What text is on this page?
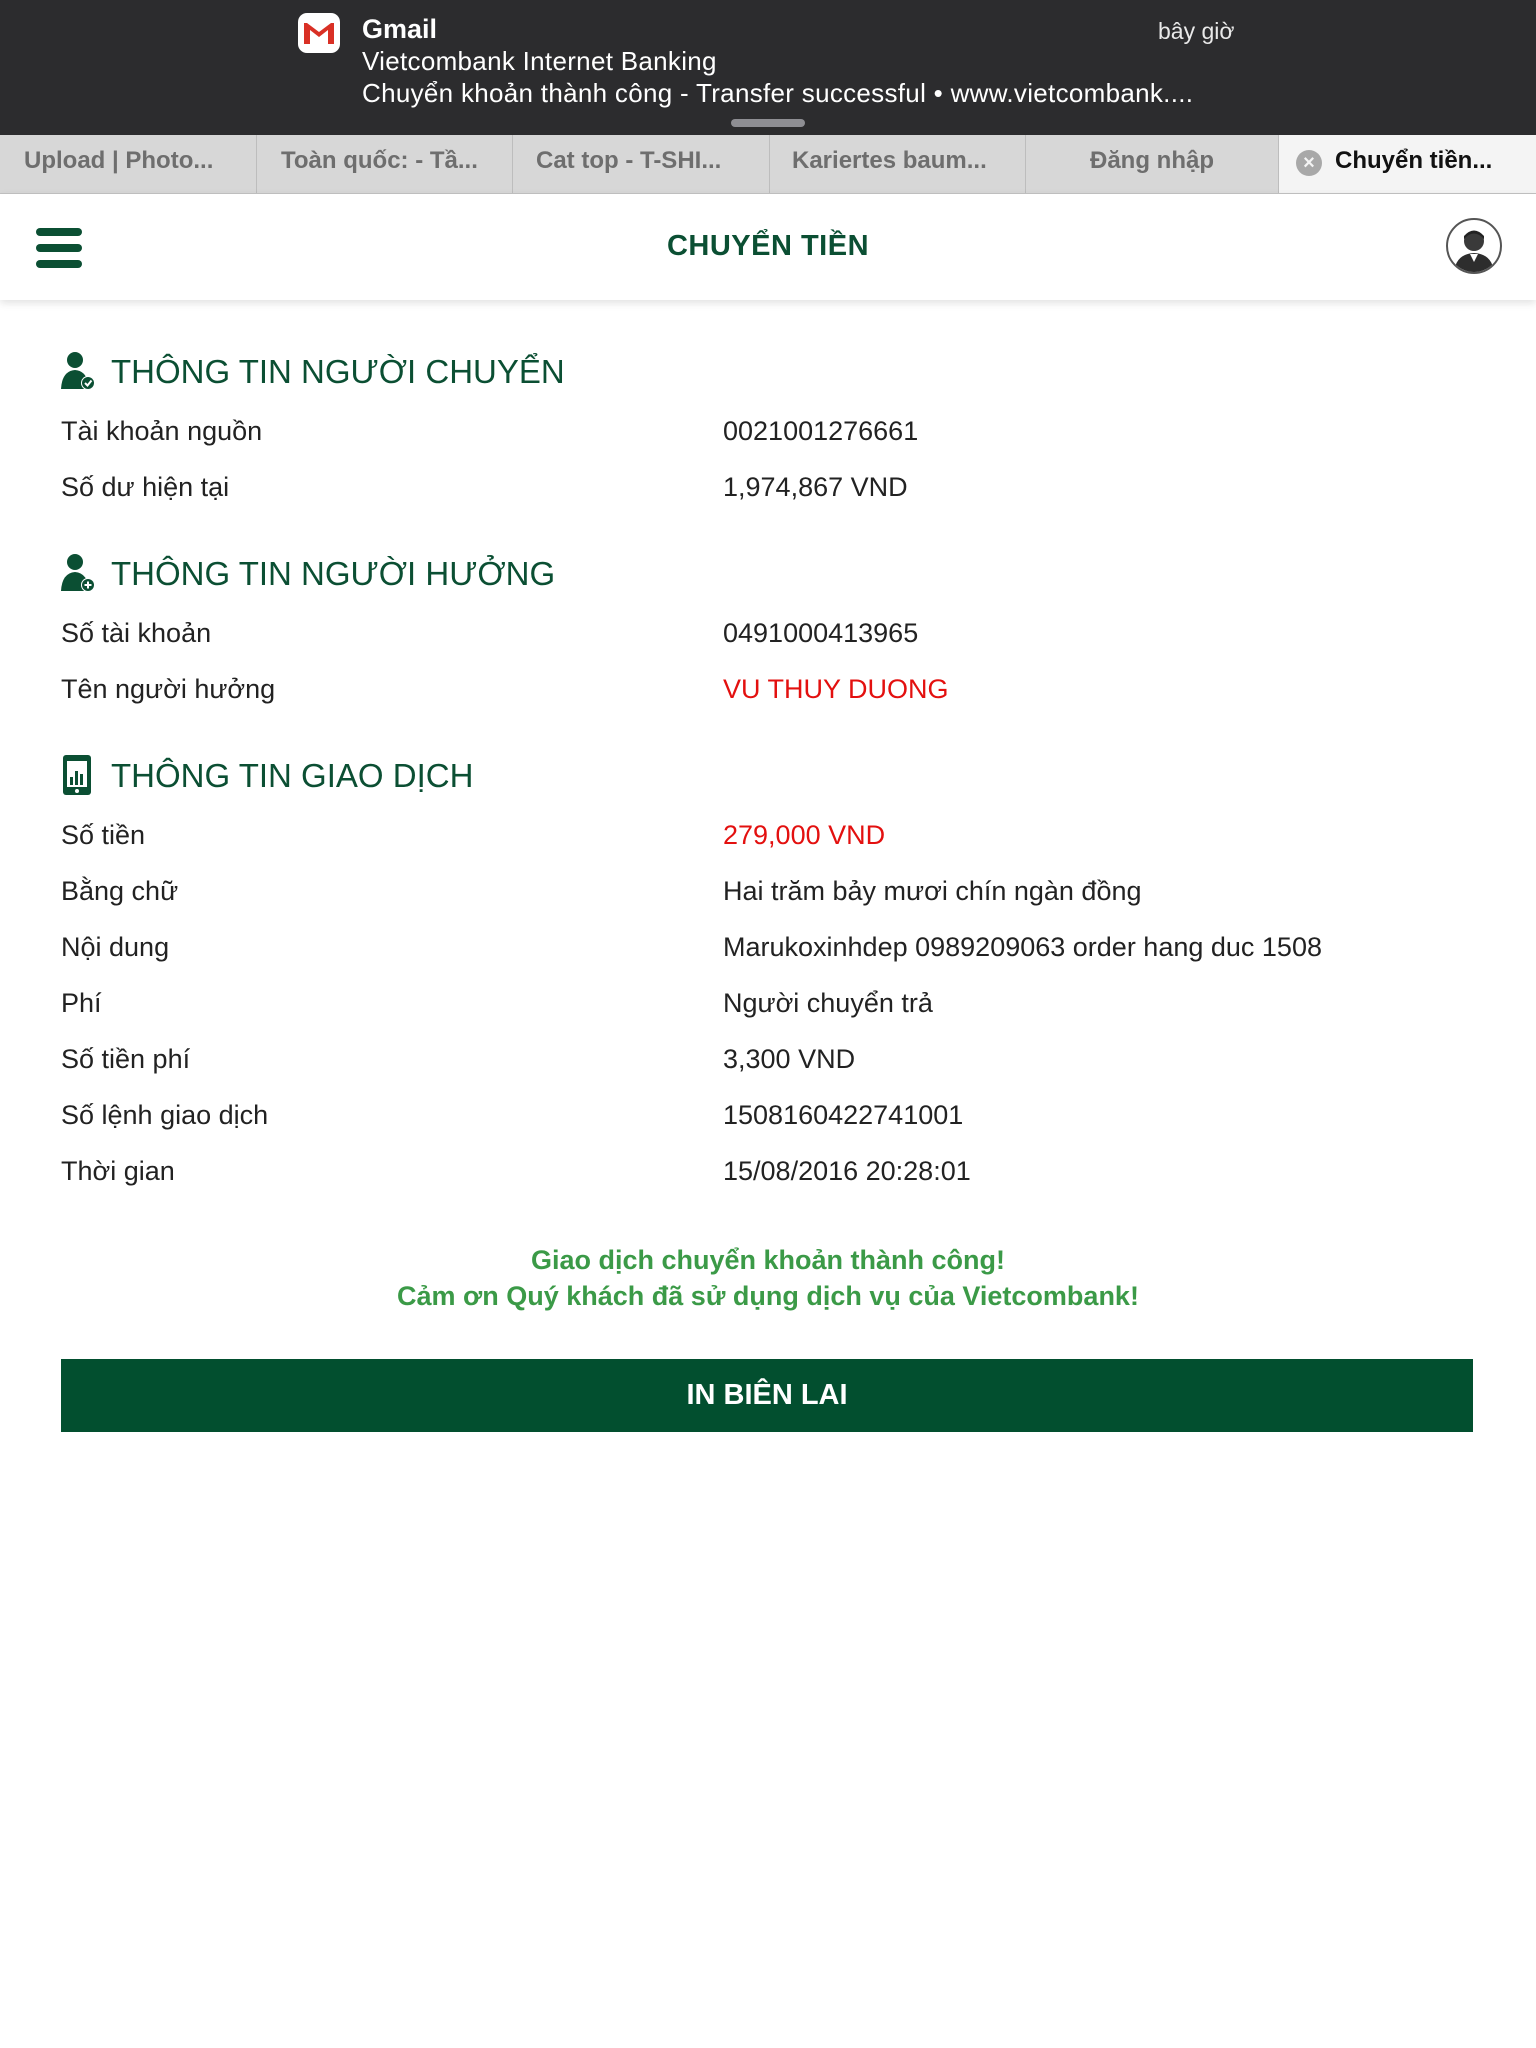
Gmail	bây giờ
Vietcombank Internet Banking
Chuyển khoản thành công - Transfer successful • www.vietcombank....
Upload | Photo...	Toàn quốc: - Tầ...	Cat top - T-SHI...	Kariertes baum...	Đăng nhập	× Chuyển tiền...
CHUYỂN TIỀN
THÔNG TIN NGƯỜI CHUYỂN
Tài khoản nguồn	0021001276661
Số dư hiện tại	1,974,867 VND
THÔNG TIN NGƯỜI HƯỞNG
Số tài khoản	0491000413965
Tên người hưởng	VU THUY DUONG
THÔNG TIN GIAO DỊCH
Số tiền	279,000 VND
Bằng chữ	Hai trăm bảy mươi chín ngàn đồng
Nội dung	Marukoxinhdep 0989209063 order hang duc 1508
Phí	Người chuyển trả
Số tiền phí	3,300 VND
Số lệnh giao dịch	1508160422741001
Thời gian	15/08/2016 20:28:01
Giao dịch chuyển khoản thành công!
Cảm ơn Quý khách đã sử dụng dịch vụ của Vietcombank!
IN BIÊN LAI
